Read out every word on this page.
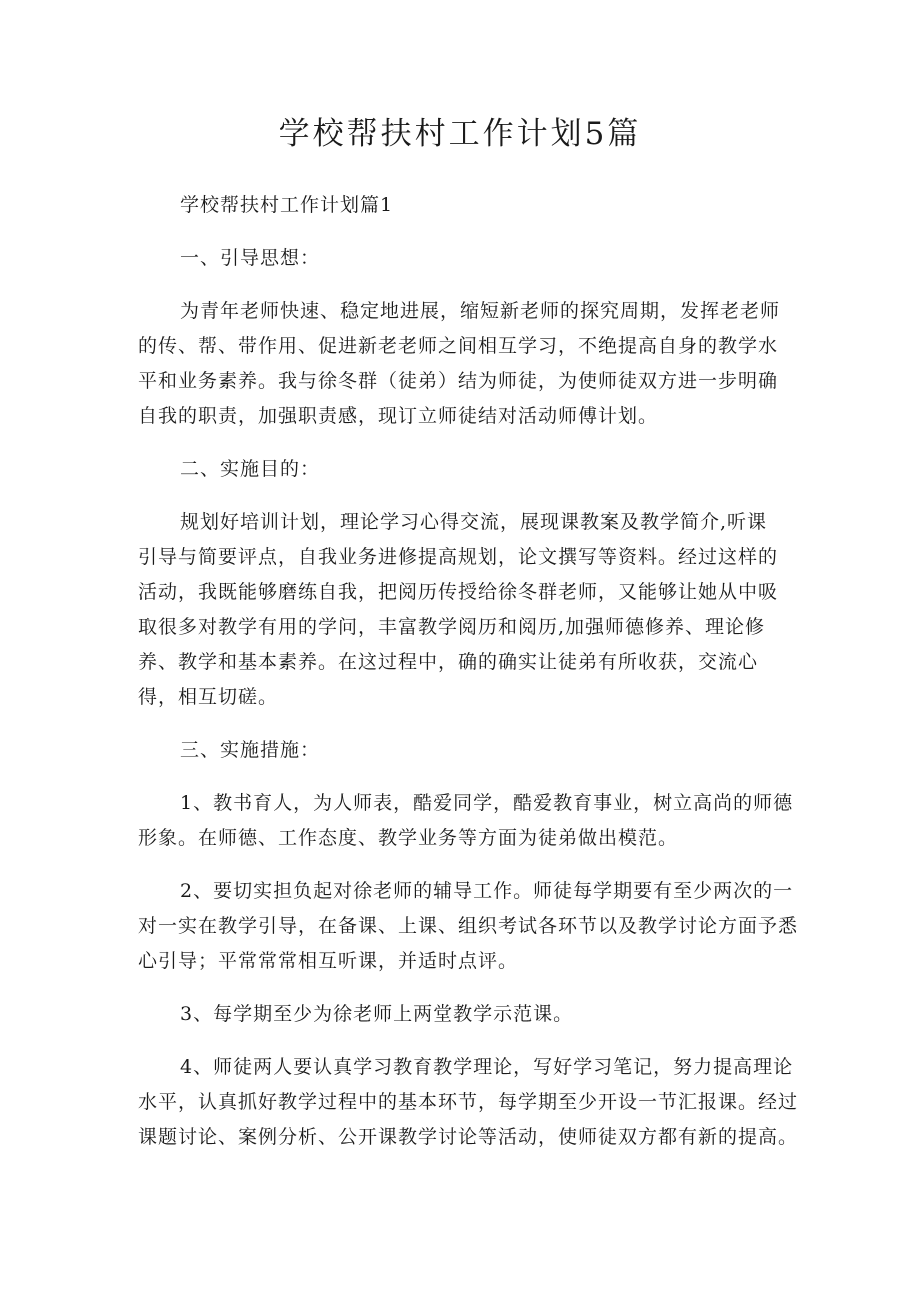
学校帮扶村工作计划5篇
学校帮扶村工作计划篇1
一、引导思想：
为青年老师快速、稳定地进展，缩短新老师的探究周期，发挥老老师
的传、帮、带作用、促进新老老师之间相互学习，不绝提高自身的教学水
平和业务素养。我与徐冬群（徒弟）结为师徒，为使师徒双方进一步明确
自我的职责，加强职责感，现订立师徒结对活动师傅计划。
二、实施目的：
规划好培训计划，理论学习心得交流，展现课教案及教学简介,听课
引导与简要评点，自我业务进修提高规划，论文撰写等资料。经过这样的
活动，我既能够磨练自我，把阅历传授给徐冬群老师，又能够让她从中吸
取很多对教学有用的学问，丰富教学阅历和阅历,加强师德修养、理论修
养、教学和基本素养。在这过程中，确的确实让徒弟有所收获，交流心
得，相互切磋。
三、实施措施：
1、教书育人，为人师表，酷爱同学，酷爱教育事业，树立高尚的师德
形象。在师德、工作态度、教学业务等方面为徒弟做出模范。
2、要切实担负起对徐老师的辅导工作。师徒每学期要有至少两次的一
对一实在教学引导，在备课、上课、组织考试各环节以及教学讨论方面予悉
心引导；平常常常相互听课，并适时点评。
3、每学期至少为徐老师上两堂教学示范课。
4、师徒两人要认真学习教育教学理论，写好学习笔记，努力提高理论
水平，认真抓好教学过程中的基本环节，每学期至少开设一节汇报课。经过
课题讨论、案例分析、公开课教学讨论等活动，使师徒双方都有新的提高。
